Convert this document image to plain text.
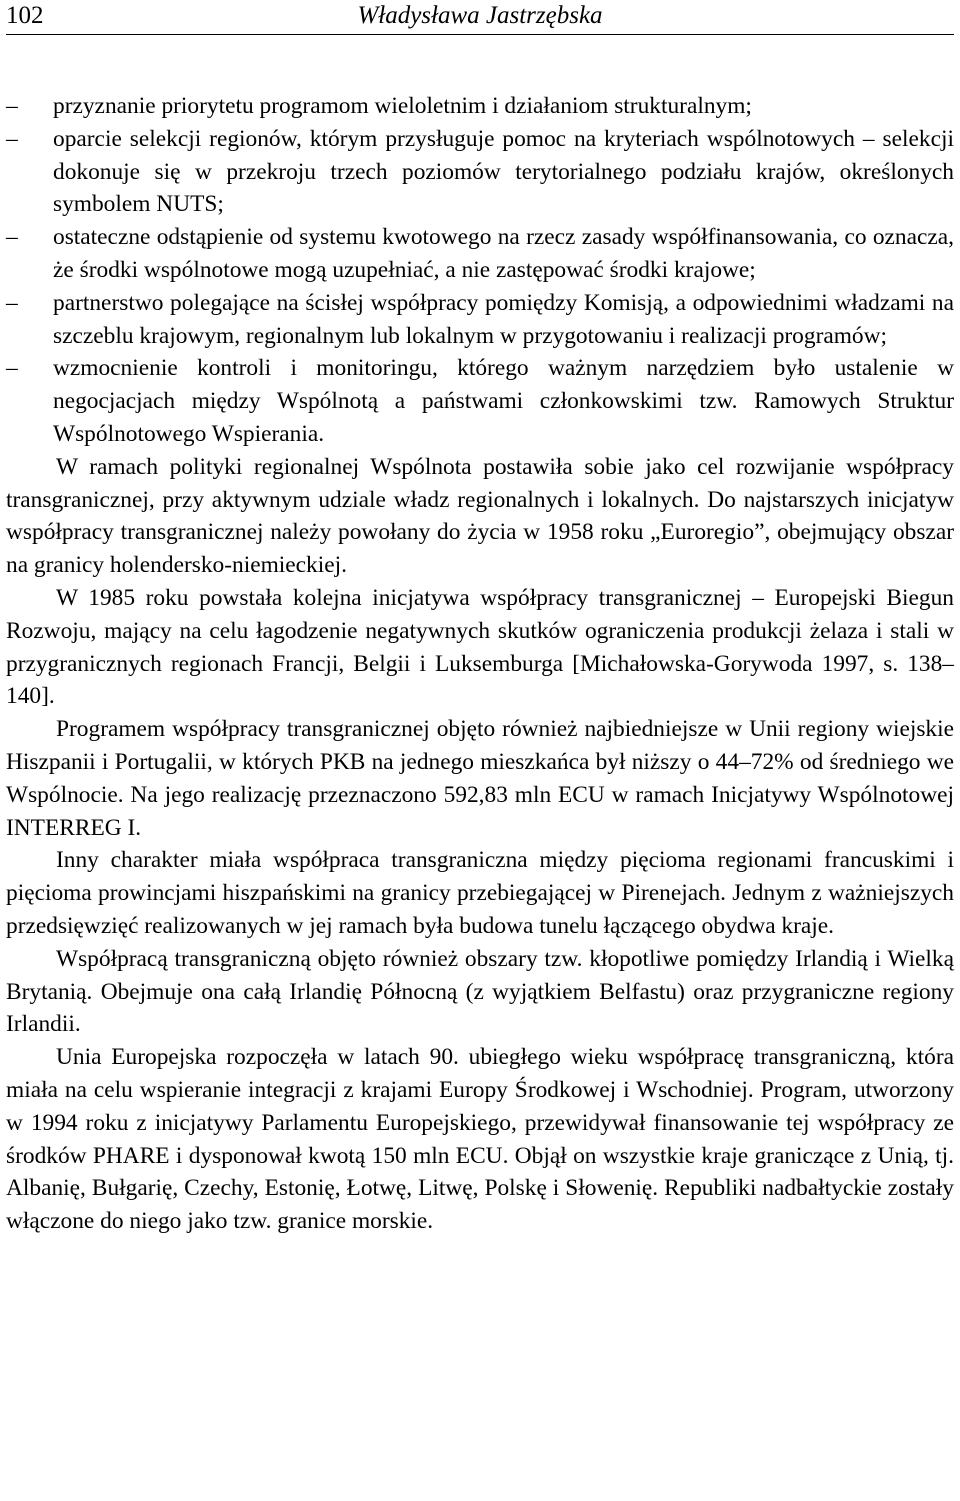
102	Władysława Jastrzębska
– przyznanie priorytetu programom wieloletnim i działaniom strukturalnym;
– oparcie selekcji regionów, którym przysługuje pomoc na kryteriach wspólnotowych – selekcji dokonuje się w przekroju trzech poziomów terytorialnego podziału krajów, określonych symbolem NUTS;
– ostateczne odstąpienie od systemu kwotowego na rzecz zasady współfinansowania, co oznacza, że środki wspólnotowe mogą uzupełniać, a nie zastępować środki krajowe;
– partnerstwo polegające na ścisłej współpracy pomiędzy Komisją, a odpowiednimi władzami na szczeblu krajowym, regionalnym lub lokalnym w przygotowaniu i realizacji programów;
– wzmocnienie kontroli i monitoringu, którego ważnym narzędziem było ustalenie w negocjacjach między Wspólnotą a państwami członkowskimi tzw. Ramowych Struktur Wspólnotowego Wspierania.

W ramach polityki regionalnej Wspólnota postawiła sobie jako cel rozwijanie współpracy transgranicznej, przy aktywnym udziale władz regionalnych i lokalnych. Do najstarszych inicjatyw współpracy transgranicznej należy powołany do życia w 1958 roku „Euroregio”, obejmujący obszar na granicy holendersko-niemieckiej.

W 1985 roku powstała kolejna inicjatywa współpracy transgranicznej – Europejski Biegun Rozwoju, mający na celu łagodzenie negatywnych skutków ograniczenia produkcji żelaza i stali w przygranicznych regionach Francji, Belgii i Luksemburga [Michałowska-Gorywoda 1997, s. 138–140].

Programem współpracy transgranicznej objęto również najbiedniejsze w Unii regiony wiejskie Hiszpanii i Portugalii, w których PKB na jednego mieszkańca był niższy o 44–72% od średniego we Wspólnocie. Na jego realizację przeznaczono 592,83 mln ECU w ramach Inicjatywy Wspólnotowej INTERREG I.

Inny charakter miała współpraca transgraniczna między pięcioma regionami francuskimi i pięcioma prowincjami hiszpańskimi na granicy przebiegającej w Pirenejach. Jednym z ważniejszych przedsięwzięć realizowanych w jej ramach była budowa tunelu łączącego obydwa kraje.

Współpracą transgraniczną objęto również obszary tzw. kłopotliwe pomiędzy Irlandią i Wielką Brytanią. Obejmuje ona całą Irlandię Północną (z wyjątkiem Belfastu) oraz przygraniczne regiony Irlandii.

Unia Europejska rozpoczęła w latach 90. ubiegłego wieku współpracę transgraniczną, która miała na celu wspieranie integracji z krajami Europy Środkowej i Wschodniej. Program, utworzony w 1994 roku z inicjatywy Parlamentu Europejskiego, przewidywał finansowanie tej współpracy ze środków PHARE i dysponował kwotą 150 mln ECU. Objął on wszystkie kraje graniczące z Unią, tj. Albanię, Bułgarię, Czechy, Estonię, Łotwę, Litwę, Polskę i Słowenię. Republiki nadbałtyckie zostały włączone do niego jako tzw. granice morskie.
